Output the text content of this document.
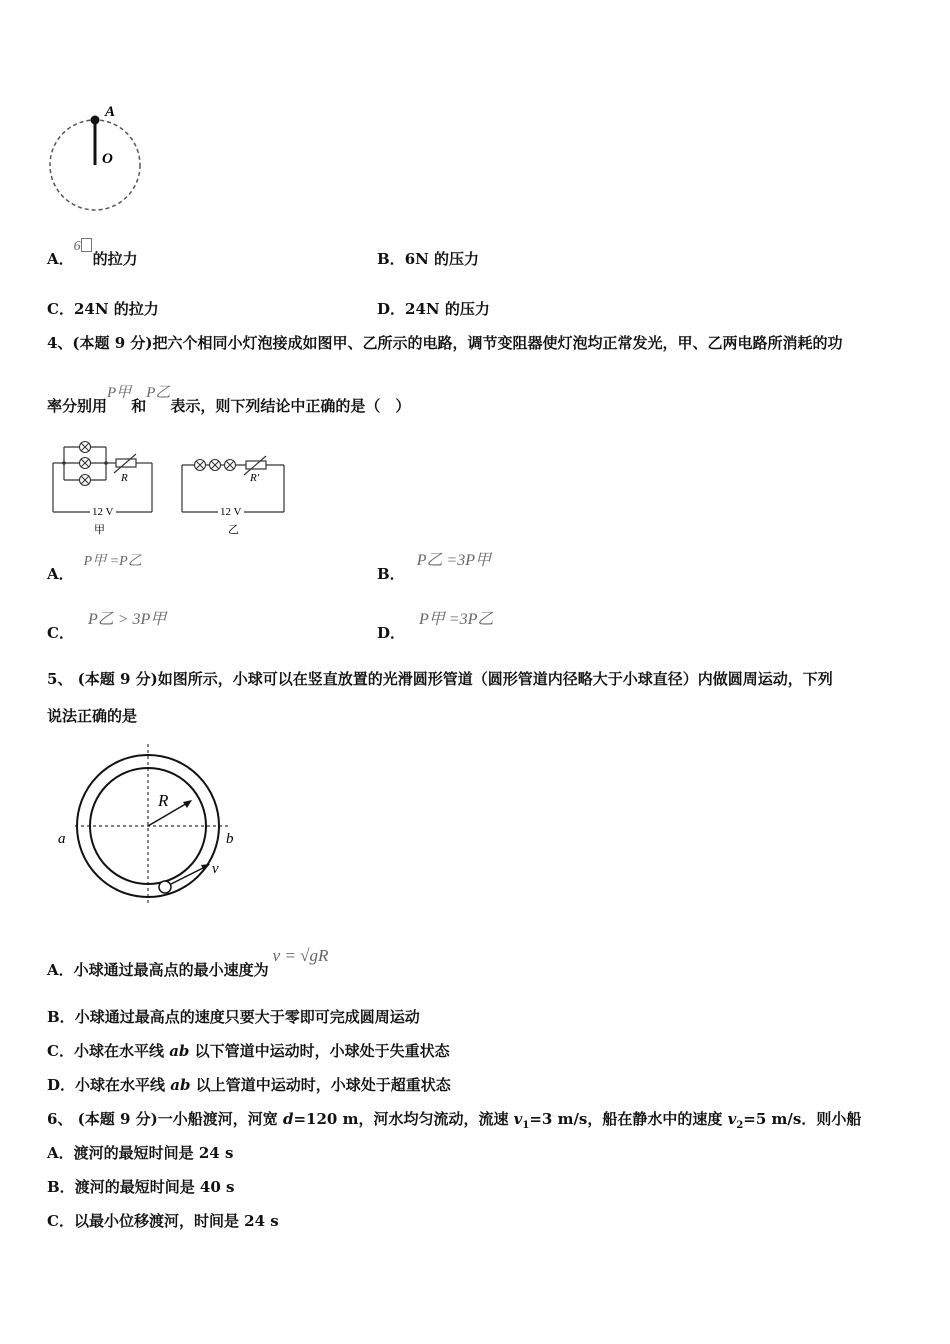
A
O
A．6的拉力	B．6N 的压力
C．24N 的拉力	D．24N 的压力
4、(本题 9 分)把六个相同小灯泡接成如图甲、乙所示的电路，调节变阻器使灯泡均正常发光，甲、乙两电路所消耗的功
率分别用P甲和P乙表示，则下列结论中正确的是（　）
R
12 V
甲
R'
12 V
乙
A．P甲 =P乙
B．P乙 =3P甲
C．P乙 > 3P甲
D．P甲 =3P乙
5、 (本题 9 分)如图所示，小球可以在竖直放置的光滑圆形管道（圆形管道内径略大于小球直径）内做圆周运动，下列
说法正确的是
R
a	b
v
A．小球通过最高点的最小速度为v = √gR
B．小球通过最高点的速度只要大于零即可完成圆周运动
C．小球在水平线 ab 以下管道中运动时，小球处于失重状态
D．小球在水平线 ab 以上管道中运动时，小球处于超重状态
6、 (本题 9 分)一小船渡河，河宽 d=120 m，河水均匀流动，流速 $v_1=3$ m/s，船在静水中的速度 $v_2=5$ m/s．则小船
A．渡河的最短时间是 24 s
B．渡河的最短时间是 40 s
C．以最小位移渡河，时间是 24 s
